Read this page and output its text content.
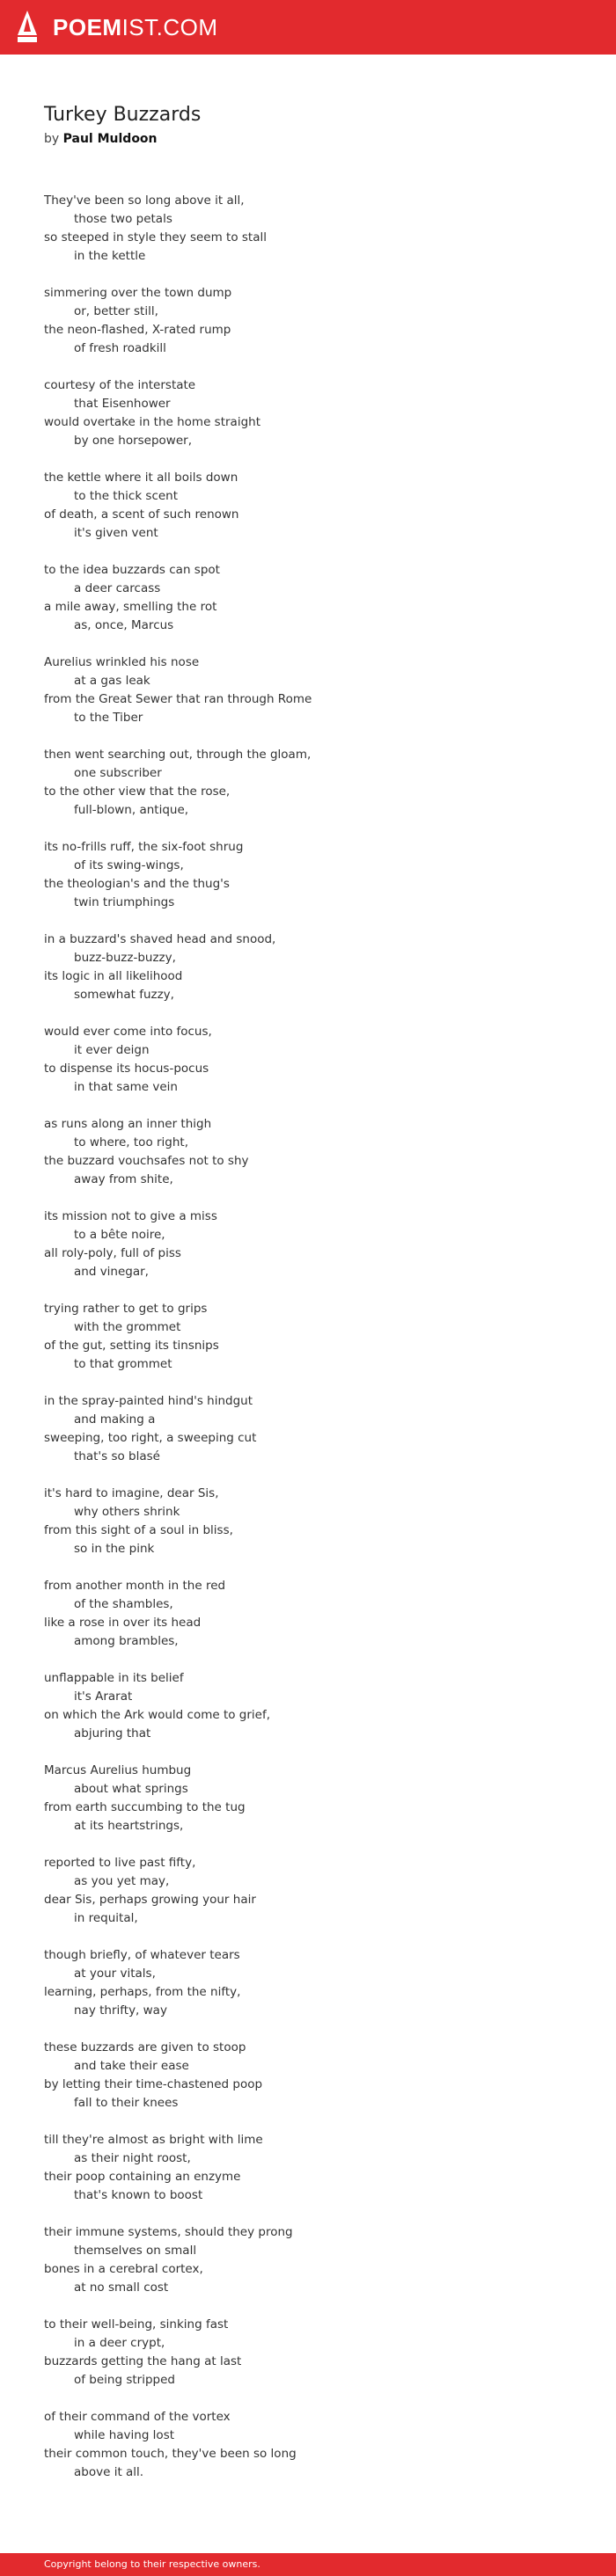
POEMIST.COM
Turkey Buzzards
by Paul Muldoon
They've been so long above it all,
those two petals
so steeped in style they seem to stall
in the kettle
simmering over the town dump
or, better still,
the neon-flashed, X-rated rump
of fresh roadkill
courtesy of the interstate
that Eisenhower
would overtake in the home straight
by one horsepower,
the kettle where it all boils down
to the thick scent
of death, a scent of such renown
it's given vent
to the idea buzzards can spot
a deer carcass
a mile away, smelling the rot
as, once, Marcus
Aurelius wrinkled his nose
at a gas leak
from the Great Sewer that ran through Rome
to the Tiber
then went searching out, through the gloam,
one subscriber
to the other view that the rose,
full-blown, antique,
its no-frills ruff, the six-foot shrug
of its swing-wings,
the theologian's and the thug's
twin triumphings
in a buzzard's shaved head and snood,
buzz-buzz-buzzy,
its logic in all likelihood
somewhat fuzzy,
would ever come into focus,
it ever deign
to dispense its hocus-pocus
in that same vein
as runs along an inner thigh
to where, too right,
the buzzard vouchsafes not to shy
away from shite,
its mission not to give a miss
to a bête noire,
all roly-poly, full of piss
and vinegar,
trying rather to get to grips
with the grommet
of the gut, setting its tinsnips
to that grommet
in the spray-painted hind's hindgut
and making a
sweeping, too right, a sweeping cut
that's so blasé
it's hard to imagine, dear Sis,
why others shrink
from this sight of a soul in bliss,
so in the pink
from another month in the red
of the shambles,
like a rose in over its head
among brambles,
unflappable in its belief
it's Ararat
on which the Ark would come to grief,
abjuring that
Marcus Aurelius humbug
about what springs
from earth succumbing to the tug
at its heartstrings,
reported to live past fifty,
as you yet may,
dear Sis, perhaps growing your hair
in requital,
though briefly, of whatever tears
at your vitals,
learning, perhaps, from the nifty,
nay thrifty, way
these buzzards are given to stoop
and take their ease
by letting their time-chastened poop
fall to their knees
till they're almost as bright with lime
as their night roost,
their poop containing an enzyme
that's known to boost
their immune systems, should they prong
themselves on small
bones in a cerebral cortex,
at no small cost
to their well-being, sinking fast
in a deer crypt,
buzzards getting the hang at last
of being stripped
of their command of the vortex
while having lost
their common touch, they've been so long
above it all.
Copyright belong to their respective owners.
